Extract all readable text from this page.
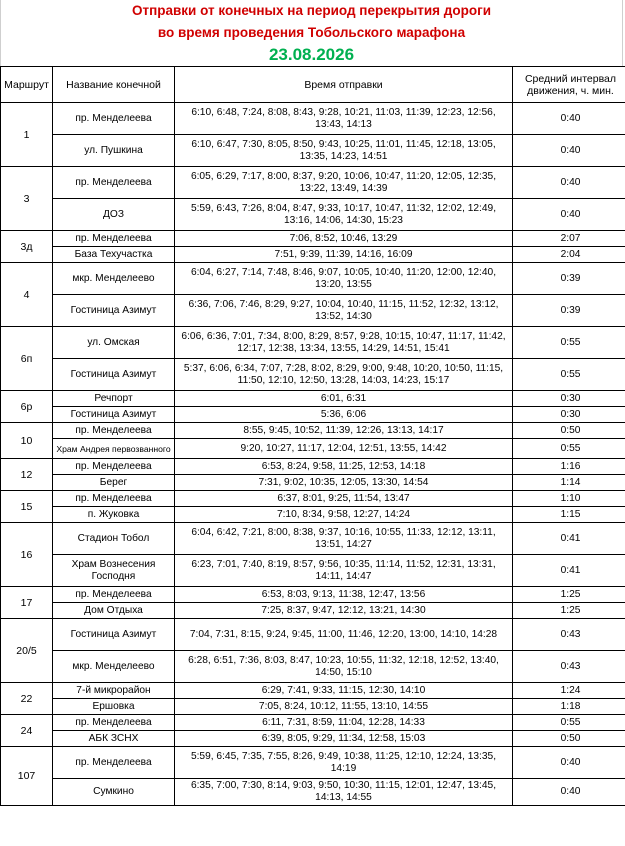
Отправки от конечных на период перекрытия дороги
во время проведения Тобольского марафона
23.08.2026
Маршрут	Название конечной	Время отправки	Средний интервал движения, ч. мин.
1	пр. Менделеева	6:10, 6:48, 7:24, 8:08, 8:43, 9:28, 10:21, 11:03, 11:39, 12:23, 12:56, 13:43, 14:13	0:40
	ул. Пушкина	6:10, 6:47, 7:30, 8:05, 8:50, 9:43, 10:25, 11:01, 11:45, 12:18, 13:05, 13:35, 14:23, 14:51	0:40
3	пр. Менделеева	6:05, 6:29, 7:17, 8:00, 8:37, 9:20, 10:06, 10:47, 11:20, 12:05, 12:35, 13:22, 13:49, 14:39	0:40
	ДОЗ	5:59, 6:43, 7:26, 8:04, 8:47, 9:33, 10:17, 10:47, 11:32, 12:02, 12:49, 13:16, 14:06, 14:30, 15:23	0:40
3д	пр. Менделеева	7:06, 8:52, 10:46, 13:29	2:07
	База Техучастка	7:51, 9:39, 11:39, 14:16, 16:09	2:04
4	мкр. Менделеево	6:04, 6:27, 7:14, 7:48, 8:46, 9:07, 10:05, 10:40, 11:20, 12:00, 12:40, 13:20, 13:55	0:39
	Гостиница Азимут	6:36, 7:06, 7:46, 8:29, 9:27, 10:04, 10:40, 11:15, 11:52, 12:32, 13:12, 13:52, 14:30	0:39
6п	ул. Омская	6:06, 6:36, 7:01, 7:34, 8:00, 8:29, 8:57, 9:28, 10:15, 10:47, 11:17, 11:42, 12:17, 12:38, 13:34, 13:55, 14:29, 14:51, 15:41	0:55
	Гостиница Азимут	5:37, 6:06, 6:34, 7:07, 7:28, 8:02, 8:29, 9:00, 9:48, 10:20, 10:50, 11:15, 11:50, 12:10, 12:50, 13:28, 14:03, 14:23, 15:17	0:55
6р	Речпорт	6:01, 6:31	0:30
	Гостиница Азимут	5:36, 6:06	0:30
10	пр. Менделеева	8:55, 9:45, 10:52, 11:39, 12:26, 13:13, 14:17	0:50
	Храм Андрея первозванного	9:20, 10:27, 11:17, 12:04, 12:51, 13:55, 14:42	0:55
12	пр. Менделеева	6:53, 8:24, 9:58, 11:25, 12:53, 14:18	1:16
	Берег	7:31, 9:02, 10:35, 12:05, 13:30, 14:54	1:14
15	пр. Менделеева	6:37, 8:01, 9:25, 11:54, 13:47	1:10
	п. Жуковка	7:10, 8:34, 9:58, 12:27, 14:24	1:15
16	Стадион Тобол	6:04, 6:42, 7:21, 8:00, 8:38, 9:37, 10:16, 10:55, 11:33, 12:12, 13:11, 13:51, 14:27	0:41
	Храм Вознесения Господня	6:23, 7:01, 7:40, 8:19, 8:57, 9:56, 10:35, 11:14, 11:52, 12:31, 13:31, 14:11, 14:47	0:41
17	пр. Менделеева	6:53, 8:03, 9:13, 11:38, 12:47, 13:56	1:25
	Дом Отдыха	7:25, 8:37, 9:47, 12:12, 13:21, 14:30	1:25
20/5	Гостиница Азимут	7:04, 7:31, 8:15, 9:24, 9:45, 11:00, 11:46, 12:20, 13:00, 14:10, 14:28	0:43
	мкр. Менделеево	6:28, 6:51, 7:36, 8:03, 8:47, 10:23, 10:55, 11:32, 12:18, 12:52, 13:40, 14:50, 15:10	0:43
22	7-й микрорайон	6:29, 7:41, 9:33, 11:15, 12:30, 14:10	1:24
	Ершовка	7:05, 8:24, 10:12, 11:55, 13:10, 14:55	1:18
24	пр. Менделеева	6:11, 7:31, 8:59, 11:04, 12:28, 14:33	0:55
	АБК ЗСНХ	6:39, 8:05, 9:29, 11:34, 12:58, 15:03	0:50
107	пр. Менделеева	5:59, 6:45, 7:35, 7:55, 8:26, 9:49, 10:38, 11:25, 12:10, 12:24, 13:35, 14:19	0:40
	Сумкино	6:35, 7:00, 7:30, 8:14, 9:03, 9:50, 10:30, 11:15, 12:01, 12:47, 13:45, 14:13, 14:55	0:40
